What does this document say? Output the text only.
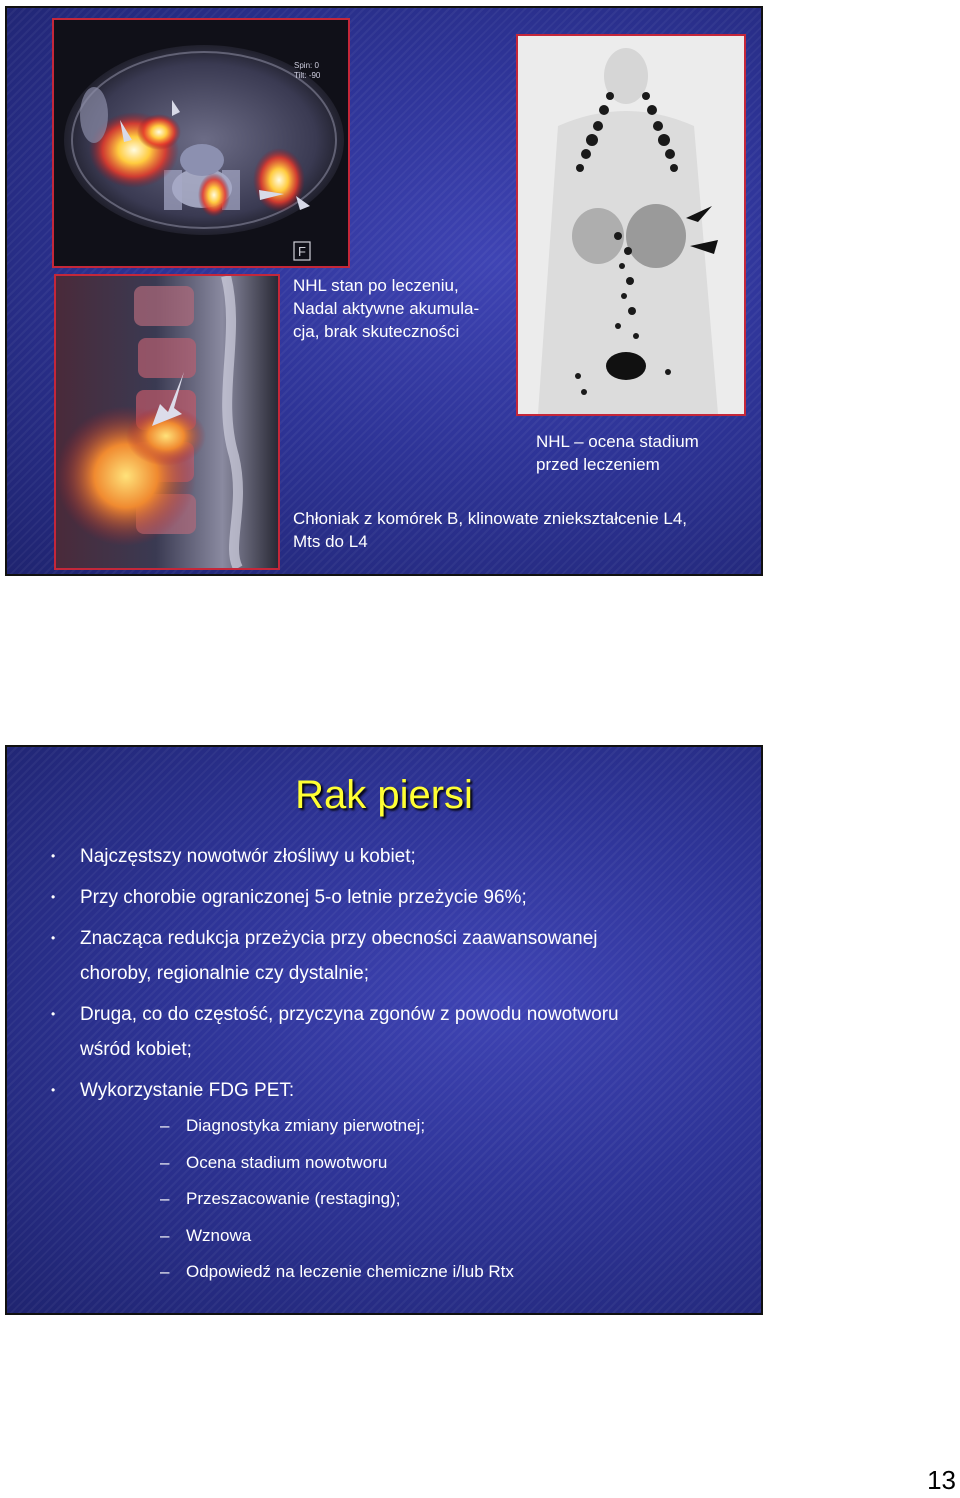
Spin: 0
Tilt: -90
F
NHL stan po leczeniu,
Nadal aktywne akumula-
cja, brak skuteczności
NHL – ocena stadium
przed leczeniem
Chłoniak z komórek B, klinowate zniekształcenie L4,
Mts do L4
Rak piersi
• Najczęstszy nowotwór złośliwy u kobiet;
• Przy chorobie ograniczonej 5-o letnie przeżycie 96%;
• Znacząca redukcja przeżycia przy obecności zaawansowanej
choroby, regionalnie czy dystalnie;
• Druga, co do częstość, przyczyna zgonów z powodu nowotworu
wśród kobiet;
• Wykorzystanie FDG PET:
– Diagnostyka zmiany pierwotnej;
– Ocena stadium nowotworu
– Przeszacowanie (restaging);
– Wznowa
– Odpowiedź na leczenie chemiczne i/lub Rtx
13
